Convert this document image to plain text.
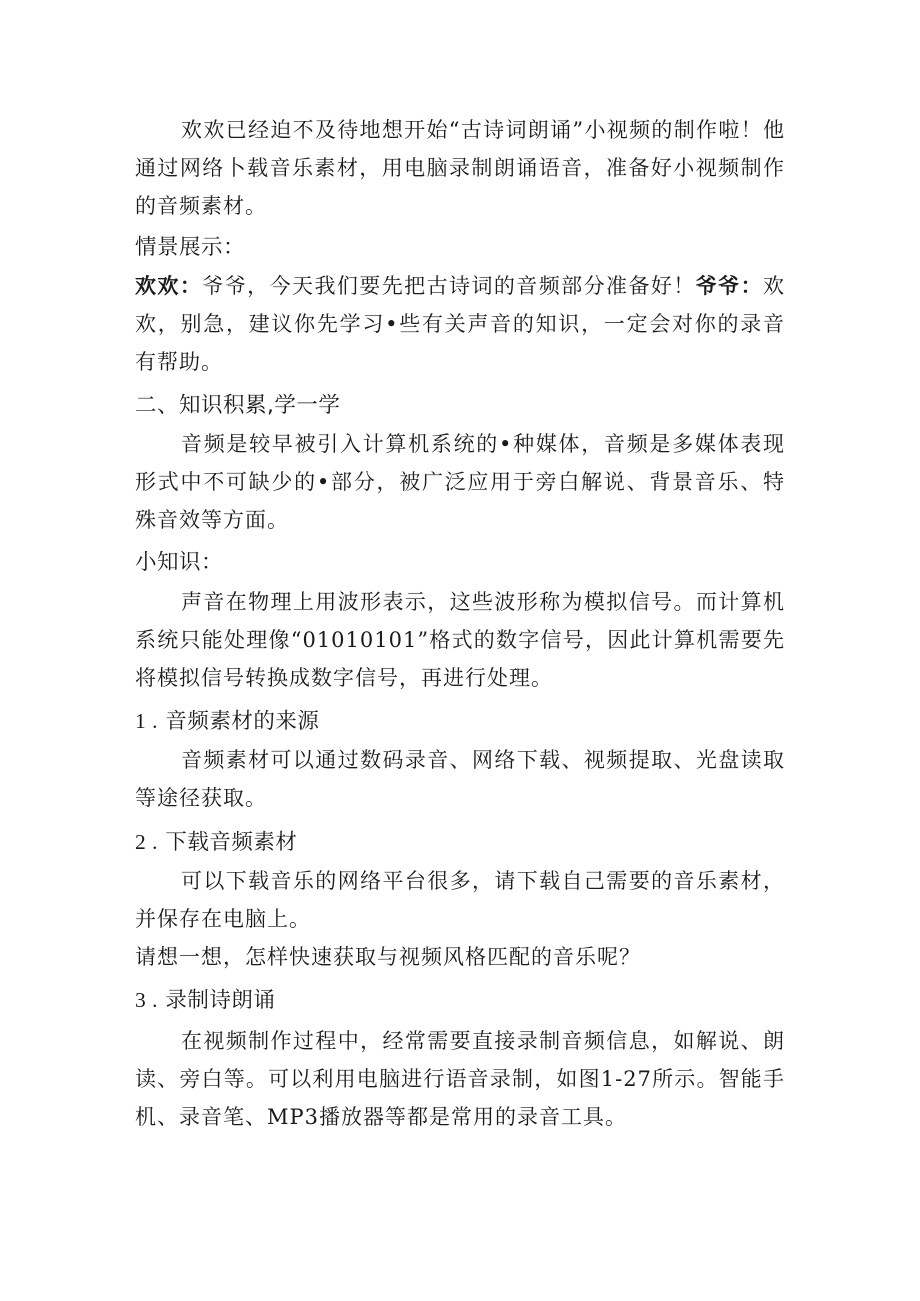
欢欢已经迫不及待地想开始“古诗词朗诵”小视频的制作啦！他通过网络卜载音乐素材，用电脑录制朗诵语音，准备好小视频制作的音频素材。

情景展示：

欢欢：爷爷，今天我们要先把古诗词的音频部分准备好！爷爷：欢欢，别急，建议你先学习•些有关声音的知识，一定会对你的录音有帮助。

二、知识积累,学一学

音频是较早被引入计算机系统的•种媒体，音频是多媒体表现形式中不可缺少的•部分，被广泛应用于旁白解说、背景音乐、特殊音效等方面。

小知识：

声音在物理上用波形表示，这些波形称为模拟信号。而计算机系统只能处理像“01010101”格式的数字信号，因此计算机需要先将模拟信号转换成数字信号，再进行处理。

1 . 音频素材的来源

音频素材可以通过数码录音、网络下载、视频提取、光盘读取等途径获取。

2 . 下载音频素材

可以下载音乐的网络平台很多，请下载自己需要的音乐素材，并保存在电脑上。

请想一想，怎样快速获取与视频风格匹配的音乐呢？

3 . 录制诗朗诵

在视频制作过程中，经常需要直接录制音频信息，如解说、朗读、旁白等。可以利用电脑进行语音录制，如图1-27所示。智能手机、录音笔、MP3播放器等都是常用的录音工具。
